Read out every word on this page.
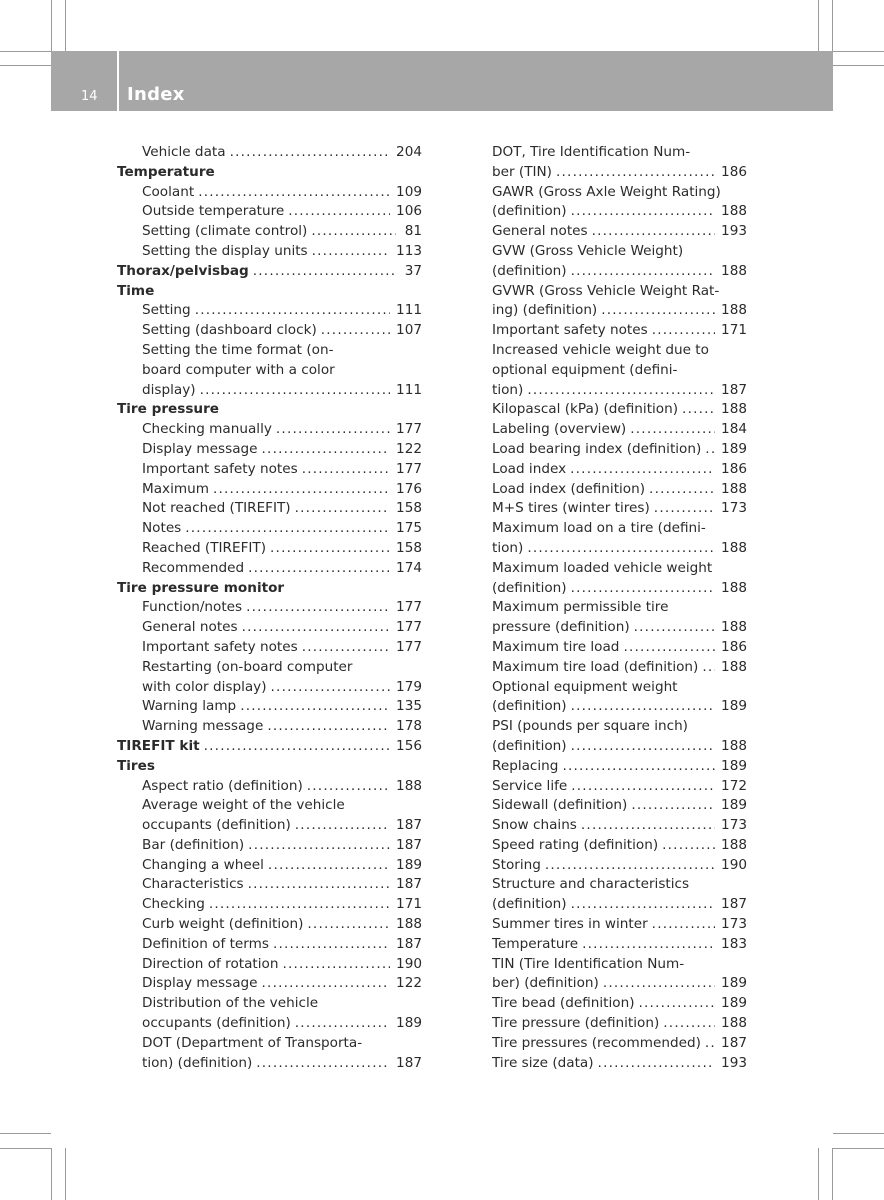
14 Index
Vehicle data .....	204
Temperature
Coolant .....	109
Outside temperature .....	106
Setting (climate control) .....	81
Setting the display units .....	113
Thorax/pelvisbag .....	37
Time
Setting .....	111
Setting (dashboard clock) .....	107
Setting the time format (on-
board computer with a color
display) .....	111
Tire pressure
Checking manually .....	177
Display message .....	122
Important safety notes .....	177
Maximum .....	176
Not reached (TIREFIT) .....	158
Notes .....	175
Reached (TIREFIT) .....	158
Recommended .....	174
Tire pressure monitor
Function/notes .....	177
General notes .....	177
Important safety notes .....	177
Restarting (on-board computer
with color display) .....	179
Warning lamp .....	135
Warning message .....	178
TIREFIT kit .....	156
Tires
Aspect ratio (definition) .....	188
Average weight of the vehicle
occupants (definition) .....	187
Bar (definition) .....	187
Changing a wheel .....	189
Characteristics .....	187
Checking .....	171
Curb weight (definition) .....	188
Definition of terms .....	187
Direction of rotation .....	190
Display message .....	122
Distribution of the vehicle
occupants (definition) .....	189
DOT (Department of Transporta-
tion) (definition) .....	187
DOT, Tire Identification Num-
ber (TIN) .....	186
GAWR (Gross Axle Weight Rating)
(definition) .....	188
General notes .....	193
GVW (Gross Vehicle Weight)
(definition) .....	188
GVWR (Gross Vehicle Weight Rat-
ing) (definition) .....	188
Important safety notes .....	171
Increased vehicle weight due to
optional equipment (defini-
tion) .....	187
Kilopascal (kPa) (definition) .....	188
Labeling (overview) .....	184
Load bearing index (definition) ..... 189
Load index .....	186
Load index (definition) .....	188
M+S tires (winter tires) .....	173
Maximum load on a tire (defini-
tion) .....	188
Maximum loaded vehicle weight
(definition) .....	188
Maximum permissible tire
pressure (definition) .....	188
Maximum tire load .....	186
Maximum tire load (definition) ..... 188
Optional equipment weight
(definition) .....	189
PSI (pounds per square inch)
(definition) .....	188
Replacing .....	189
Service life .....	172
Sidewall (definition) .....	189
Snow chains .....	173
Speed rating (definition) .....	188
Storing .....	190
Structure and characteristics
(definition) .....	187
Summer tires in winter .....	173
Temperature .....	183
TIN (Tire Identification Num-
ber) (definition) .....	189
Tire bead (definition) .....	189
Tire pressure (definition) .....	188
Tire pressures (recommended) ..... 187
Tire size (data) .....	193
